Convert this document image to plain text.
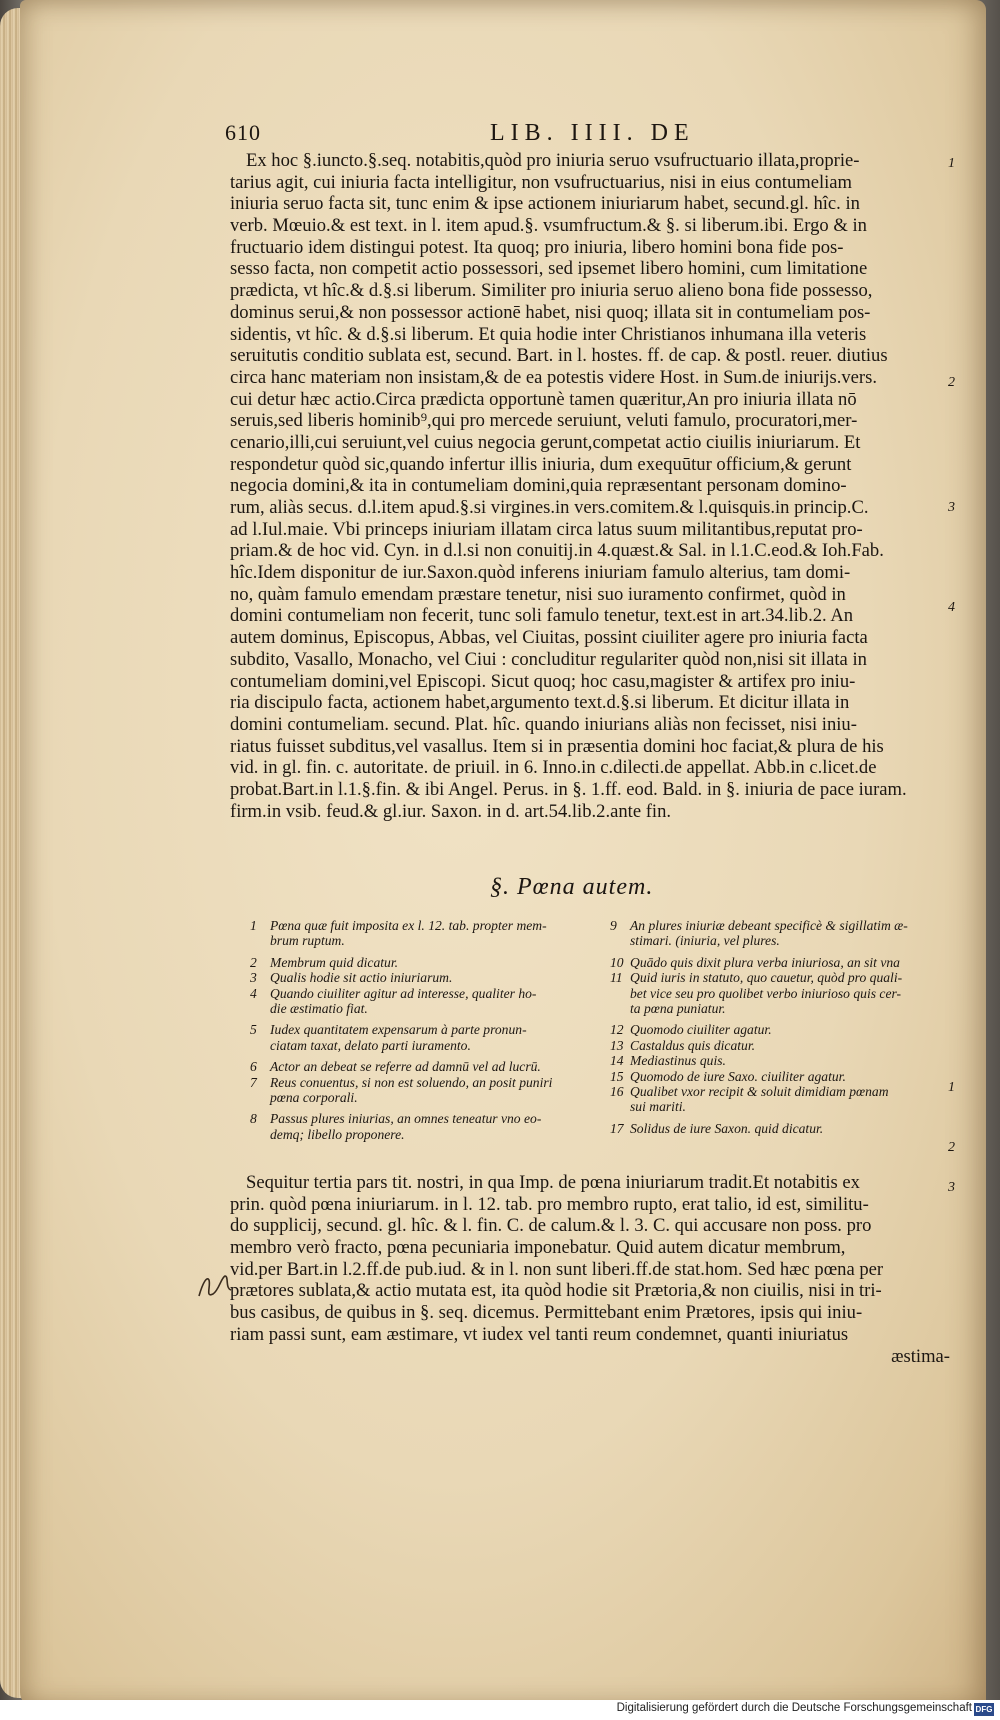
610	LIB. IIII. DE
Ex hoc §.iuncto.§.seq. notabitis,quòd pro iniuria seruo vsufructuario illata,proprie-
tarius agit, cui iniuria facta intelligitur, non vsufructuarius, nisi in eius contumeliam
iniuria seruo facta sit, tunc enim & ipse actionem iniuriarum habet, secund.gl. hîc. in
verb. Mœuio.& est text. in l. item apud.§. vsumfructum.& §. si liberum.ibi. Ergo & in
fructuario idem distingui potest. Ita quoq; pro iniuria, libero homini bona fide pos-
sesso facta, non competit actio possessori, sed ipsemet libero homini, cum limitatione
prædicta, vt hîc.& d.§.si liberum. Similiter pro iniuria seruo alieno bona fide possesso,
dominus serui,& non possessor actionē habet, nisi quoq; illata sit in contumeliam pos-
sidentis, vt hîc. & d.§.si liberum. Et quia hodie inter Christianos inhumana illa veteris
seruitutis conditio sublata est, secund. Bart. in l. hostes. ff. de cap. & postl. reuer. diutius
circa hanc materiam non insistam,& de ea potestis videre Host. in Sum.de iniurijs.vers.
cui detur hæc actio.Circa prædicta opportunè tamen quæritur,An pro iniuria illata nō
seruis,sed liberis hominib⁹,qui pro mercede seruiunt, veluti famulo, procuratori,mer-
cenario,illi,cui seruiunt,vel cuius negocia gerunt,competat actio ciuilis iniuriarum. Et
respondetur quòd sic,quando infertur illis iniuria, dum exequūtur officium,& gerunt
negocia domini,& ita in contumeliam domini,quia repræsentant personam domino-
rum, aliàs secus. d.l.item apud.§.si virgines.in vers.comitem.& l.quisquis.in princip.C.
ad l.Iul.maie. Vbi princeps iniuriam illatam circa latus suum militantibus,reputat pro-
priam.& de hoc vid. Cyn. in d.l.si non conuitij.in 4.quæst.& Sal. in l.1.C.eod.& Ioh.Fab.
hîc.Idem disponitur de iur.Saxon.quòd inferens iniuriam famulo alterius, tam domi-
no, quàm famulo emendam præstare tenetur, nisi suo iuramento confirmet, quòd in
domini contumeliam non fecerit, tunc soli famulo tenetur, text.est in art.34.lib.2. An
autem dominus, Episcopus, Abbas, vel Ciuitas, possint ciuiliter agere pro iniuria facta
subdito, Vasallo, Monacho, vel Ciui : concluditur regulariter quòd non,nisi sit illata in
contumeliam domini,vel Episcopi. Sicut quoq; hoc casu,magister & artifex pro iniu-
ria discipulo facta, actionem habet,argumento text.d.§.si liberum. Et dicitur illata in
domini contumeliam. secund. Plat. hîc. quando iniurians aliàs non fecisset, nisi iniu-
riatus fuisset subditus,vel vasallus. Item si in præsentia domini hoc faciat,& plura de his
vid. in gl. fin. c. autoritate. de priuil. in 6. Inno.in c.dilecti.de appellat. Abb.in c.licet.de
probat.Bart.in l.1.§.fin. & ibi Angel. Perus. in §. 1.ff. eod. Bald. in §. iniuria de pace iuram.
firm.in vsib. feud.& gl.iur. Saxon. in d. art.54.lib.2.ante fin.
§. Pœna autem.
1 Pœna quæ fuit imposita ex l. 12. tab. propter mem-
brum ruptum.
2 Membrum quid dicatur.
3 Qualis hodie sit actio iniuriarum.
4 Quando ciuiliter agitur ad interesse, qualiter ho-
die æstimatio fiat.
5 Iudex quantitatem expensarum à parte pronun-
ciatam taxat, delato parti iuramento.
6 Actor an debeat se referre ad damnū vel ad lucrū.
7 Reus conuentus, si non est soluendo, an posit puniri
pœna corporali.
8 Passus plures iniurias, an omnes teneatur vno eo-
demq; libello proponere.
9 An plures iniuriæ debeant specificè & sigillatim æ-
stimari. (iniuria, vel plures.
10 Quādo quis dixit plura verba iniuriosa, an sit vna
11 Quid iuris in statuto, quo cauetur, quòd pro quali-
bet vice seu pro quolibet verbo iniurioso quis cer-
ta pœna puniatur.
12 Quomodo ciuiliter agatur.
13 Castaldus quis dicatur.
14 Mediastinus quis.
15 Quomodo de iure Saxo. ciuiliter agatur.
16 Qualibet vxor recipit & soluit dimidiam pœnam
sui mariti.
17 Solidus de iure Saxon. quid dicatur.
Sequitur tertia pars tit. nostri, in qua Imp. de pœna iniuriarum tradit.Et notabitis ex
prin. quòd pœna iniuriarum. in l. 12. tab. pro membro rupto, erat talio, id est, similitu-
do supplicij, secund. gl. hîc. & l. fin. C. de calum.& l. 3. C. qui accusare non poss. pro
membro verò fracto, pœna pecuniaria imponebatur. Quid autem dicatur membrum,
vid.per Bart.in l.2.ff.de pub.iud. & in l. non sunt liberi.ff.de stat.hom. Sed hæc pœna per
prætores sublata,& actio mutata est, ita quòd hodie sit Prætoria,& non ciuilis, nisi in tri-
bus casibus, de quibus in §. seq. dicemus. Permittebant enim Prætores, ipsis qui iniu-
riam passi sunt, eam æstimare, vt iudex vel tanti reum condemnet, quanti iniuriatus
æstima-
1
2
3
4
1
2
3
Digitalisierung gefördert durch die Deutsche Forschungsgemeinschaft DFG
